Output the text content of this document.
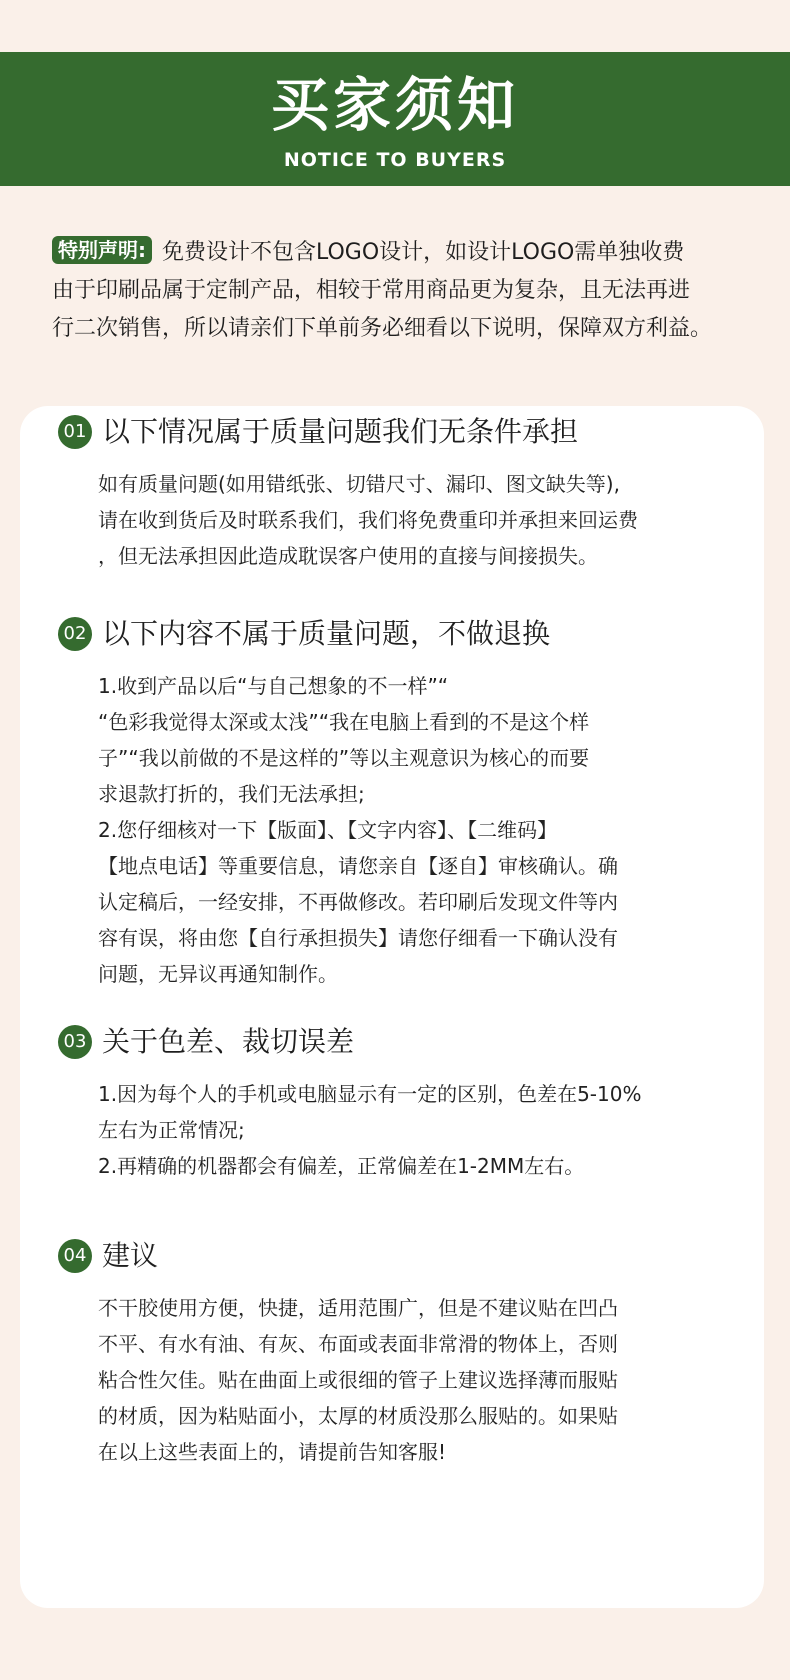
买家须知
NOTICE TO BUYERS
特别声明: 免费设计不包含LOGO设计，如设计LOGO需单独收费
由于印刷品属于定制产品，相较于常用商品更为复杂，且无法再进
行二次销售，所以请亲们下单前务必细看以下说明，保障双方利益。
01 以下情况属于质量问题我们无条件承担
如有质量问题(如用错纸张、切错尺寸、漏印、图文缺失等),
请在收到货后及时联系我们，我们将免费重印并承担来回运费
，但无法承担因此造成耽误客户使用的直接与间接损失。
02 以下内容不属于质量问题，不做退换
1.收到产品以后“与自己想象的不一样”“
“色彩我觉得太深或太浅”“我在电脑上看到的不是这个样
子”“我以前做的不是这样的”等以主观意识为核心的而要
求退款打折的，我们无法承担;
2.您仔细核对一下【版面】、【文字内容】、【二维码】
【地点电话】等重要信息，请您亲自【逐自】审核确认。确
认定稿后，一经安排，不再做修改。若印刷后发现文件等内
容有误，将由您【自行承担损失】请您仔细看一下确认没有
问题，无异议再通知制作。
03 关于色差、裁切误差
1.因为每个人的手机或电脑显示有一定的区别，色差在5-10%
左右为正常情况;
2.再精确的机器都会有偏差，正常偏差在1-2MM左右。
04 建议
不干胶使用方便，快捷，适用范围广，但是不建议贴在凹凸
不平、有水有油、有灰、布面或表面非常滑的物体上，否则
粘合性欠佳。贴在曲面上或很细的管子上建议选择薄而服贴
的材质，因为粘贴面小，太厚的材质没那么服贴的。如果贴
在以上这些表面上的，请提前告知客服!
